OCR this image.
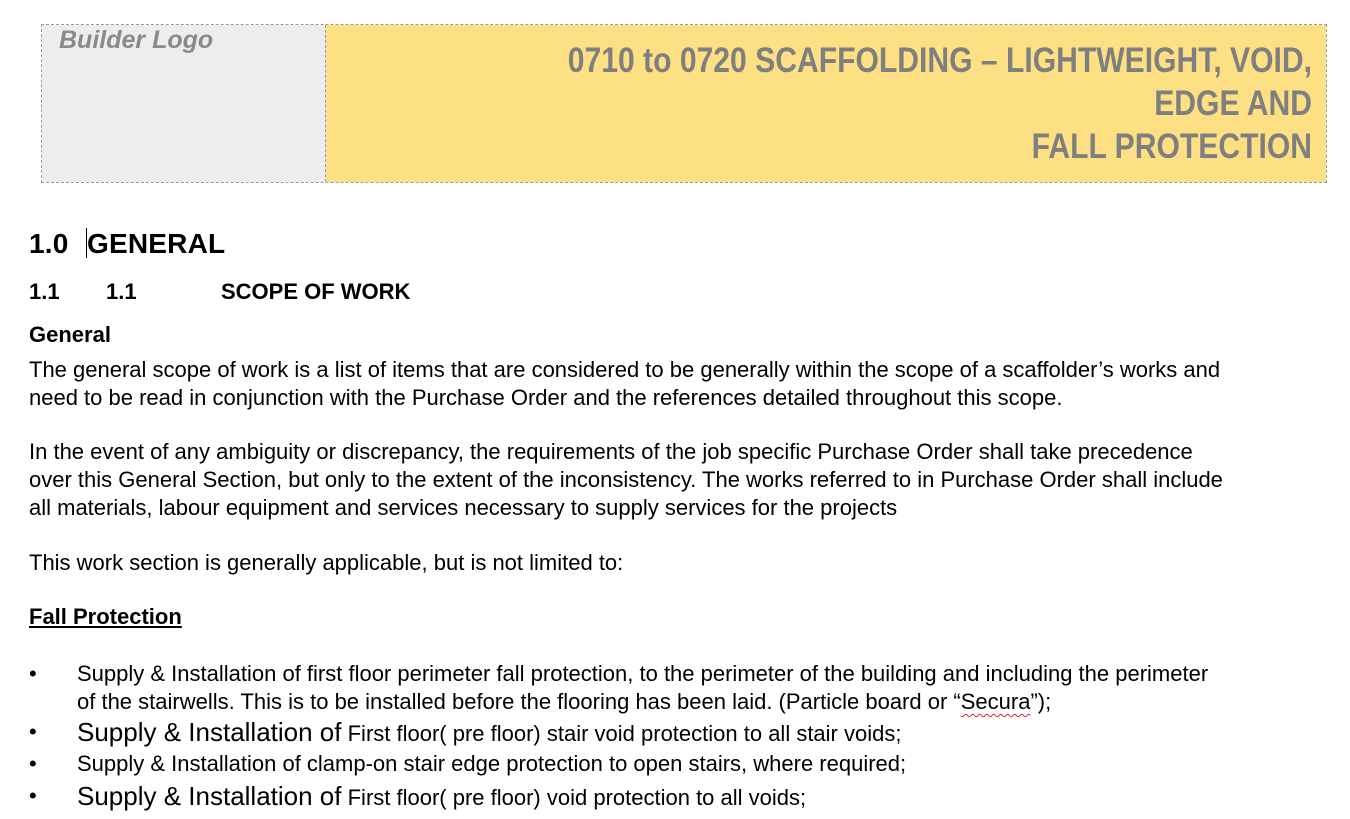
Builder Logo
0710 to 0720 SCAFFOLDING – LIGHTWEIGHT, VOID, EDGE AND
FALL PROTECTION
1.0 GENERAL
1.1 1.1	SCOPE OF WORK
General
The general scope of work is a list of items that are considered to be generally within the scope of a scaffolder’s works and
need to be read in conjunction with the Purchase Order and the references detailed throughout this scope.
In the event of any ambiguity or discrepancy, the requirements of the job specific Purchase Order shall take precedence
over this General Section, but only to the extent of the inconsistency. The works referred to in Purchase Order shall include
all materials, labour equipment and services necessary to supply services for the projects
This work section is generally applicable, but is not limited to:
Fall Protection
• Supply & Installation of first floor perimeter fall protection, to the perimeter of the building and including the perimeter
of the stairwells. This is to be installed before the flooring has been laid. (Particle board or “Secura”);
• Supply & Installation of First floor( pre floor) stair void protection to all stair voids;
• Supply & Installation of clamp-on stair edge protection to open stairs, where required;
• Supply & Installation of First floor( pre floor) void protection to all voids;
